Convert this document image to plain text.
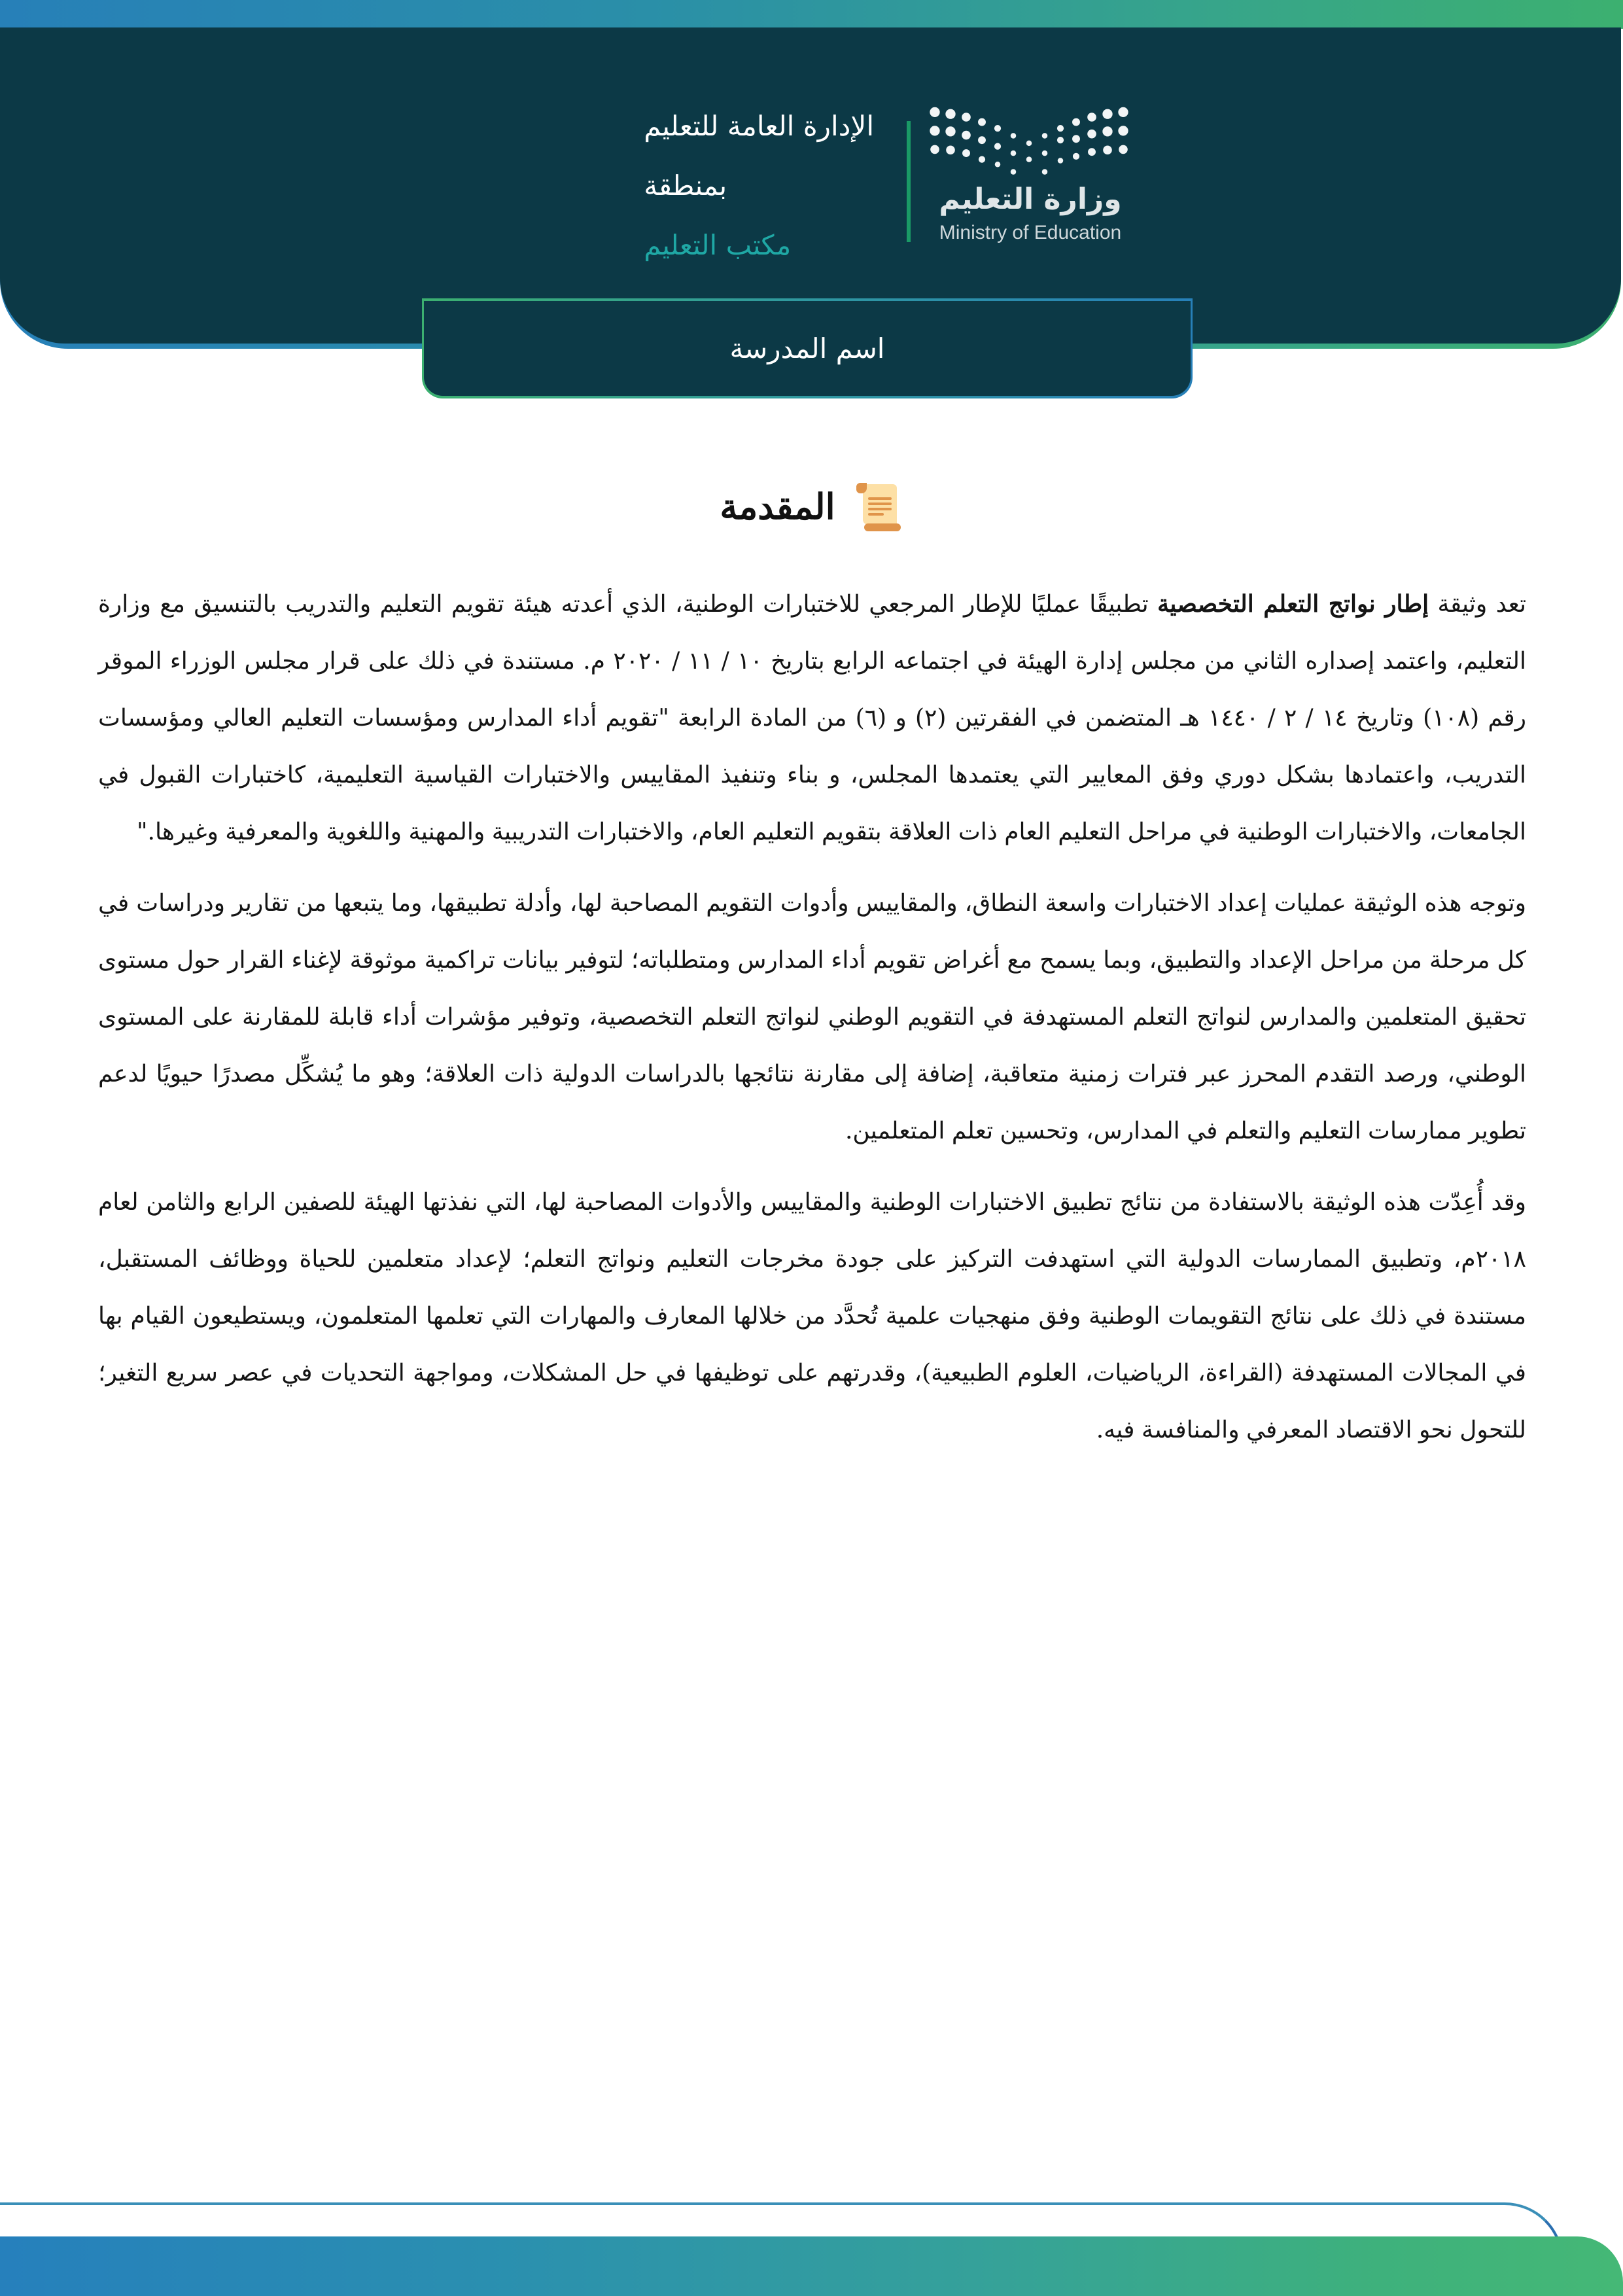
وزارة التعليم
Ministry of Education
الإدارة العامة للتعليم
بمنطقة
مكتب التعليم
اسم المدرسة
المقدمة

تعد وثيقة إطار نواتج التعلم التخصصية تطبيقًا عمليًا للإطار المرجعي للاختبارات الوطنية، الذي أعدته هيئة تقويم التعليم والتدريب بالتنسيق مع وزارة التعليم، واعتمد إصداره الثاني من مجلس إدارة الهيئة في اجتماعه الرابع بتاريخ ١٠ / ١١ / ٢٠٢٠ م. مستندة في ذلك على قرار مجلس الوزراء الموقر رقم (١٠٨) وتاريخ ١٤ / ٢ / ١٤٤٠ هـ المتضمن في الفقرتين (٢) و (٦) من المادة الرابعة "تقويم أداء المدارس ومؤسسات التعليم العالي ومؤسسات التدريب، واعتمادها بشكل دوري وفق المعايير التي يعتمدها المجلس، و بناء وتنفيذ المقاييس والاختبارات القياسية التعليمية، كاختبارات القبول في الجامعات، والاختبارات الوطنية في مراحل التعليم العام ذات العلاقة بتقويم التعليم العام، والاختبارات التدريبية والمهنية واللغوية والمعرفية وغيرها."

وتوجه هذه الوثيقة عمليات إعداد الاختبارات واسعة النطاق، والمقاييس وأدوات التقويم المصاحبة لها، وأدلة تطبيقها، وما يتبعها من تقارير ودراسات في كل مرحلة من مراحل الإعداد والتطبيق، وبما يسمح مع أغراض تقويم أداء المدارس ومتطلباته؛ لتوفير بيانات تراكمية موثوقة لإغناء القرار حول مستوى تحقيق المتعلمين والمدارس لنواتج التعلم المستهدفة في التقويم الوطني لنواتج التعلم التخصصية، وتوفير مؤشرات أداء قابلة للمقارنة على المستوى الوطني، ورصد التقدم المحرز عبر فترات زمنية متعاقبة، إضافة إلى مقارنة نتائجها بالدراسات الدولية ذات العلاقة؛ وهو ما يُشكِّل مصدرًا حيويًا لدعم تطوير ممارسات التعليم والتعلم في المدارس، وتحسين تعلم المتعلمين.

وقد أُعِدّت هذه الوثيقة بالاستفادة من نتائج تطبيق الاختبارات الوطنية والمقاييس والأدوات المصاحبة لها، التي نفذتها الهيئة للصفين الرابع والثامن لعام ٢٠١٨م، وتطبيق الممارسات الدولية التي استهدفت التركيز على جودة مخرجات التعليم ونواتج التعلم؛ لإعداد متعلمين للحياة ووظائف المستقبل، مستندة في ذلك على نتائج التقويمات الوطنية وفق منهجيات علمية تُحدَّد من خلالها المعارف والمهارات التي تعلمها المتعلمون، ويستطيعون القيام بها في المجالات المستهدفة (القراءة، الرياضيات، العلوم الطبيعية)، وقدرتهم على توظيفها في حل المشكلات، ومواجهة التحديات في عصر سريع التغير؛ للتحول نحو الاقتصاد المعرفي والمنافسة فيه.
